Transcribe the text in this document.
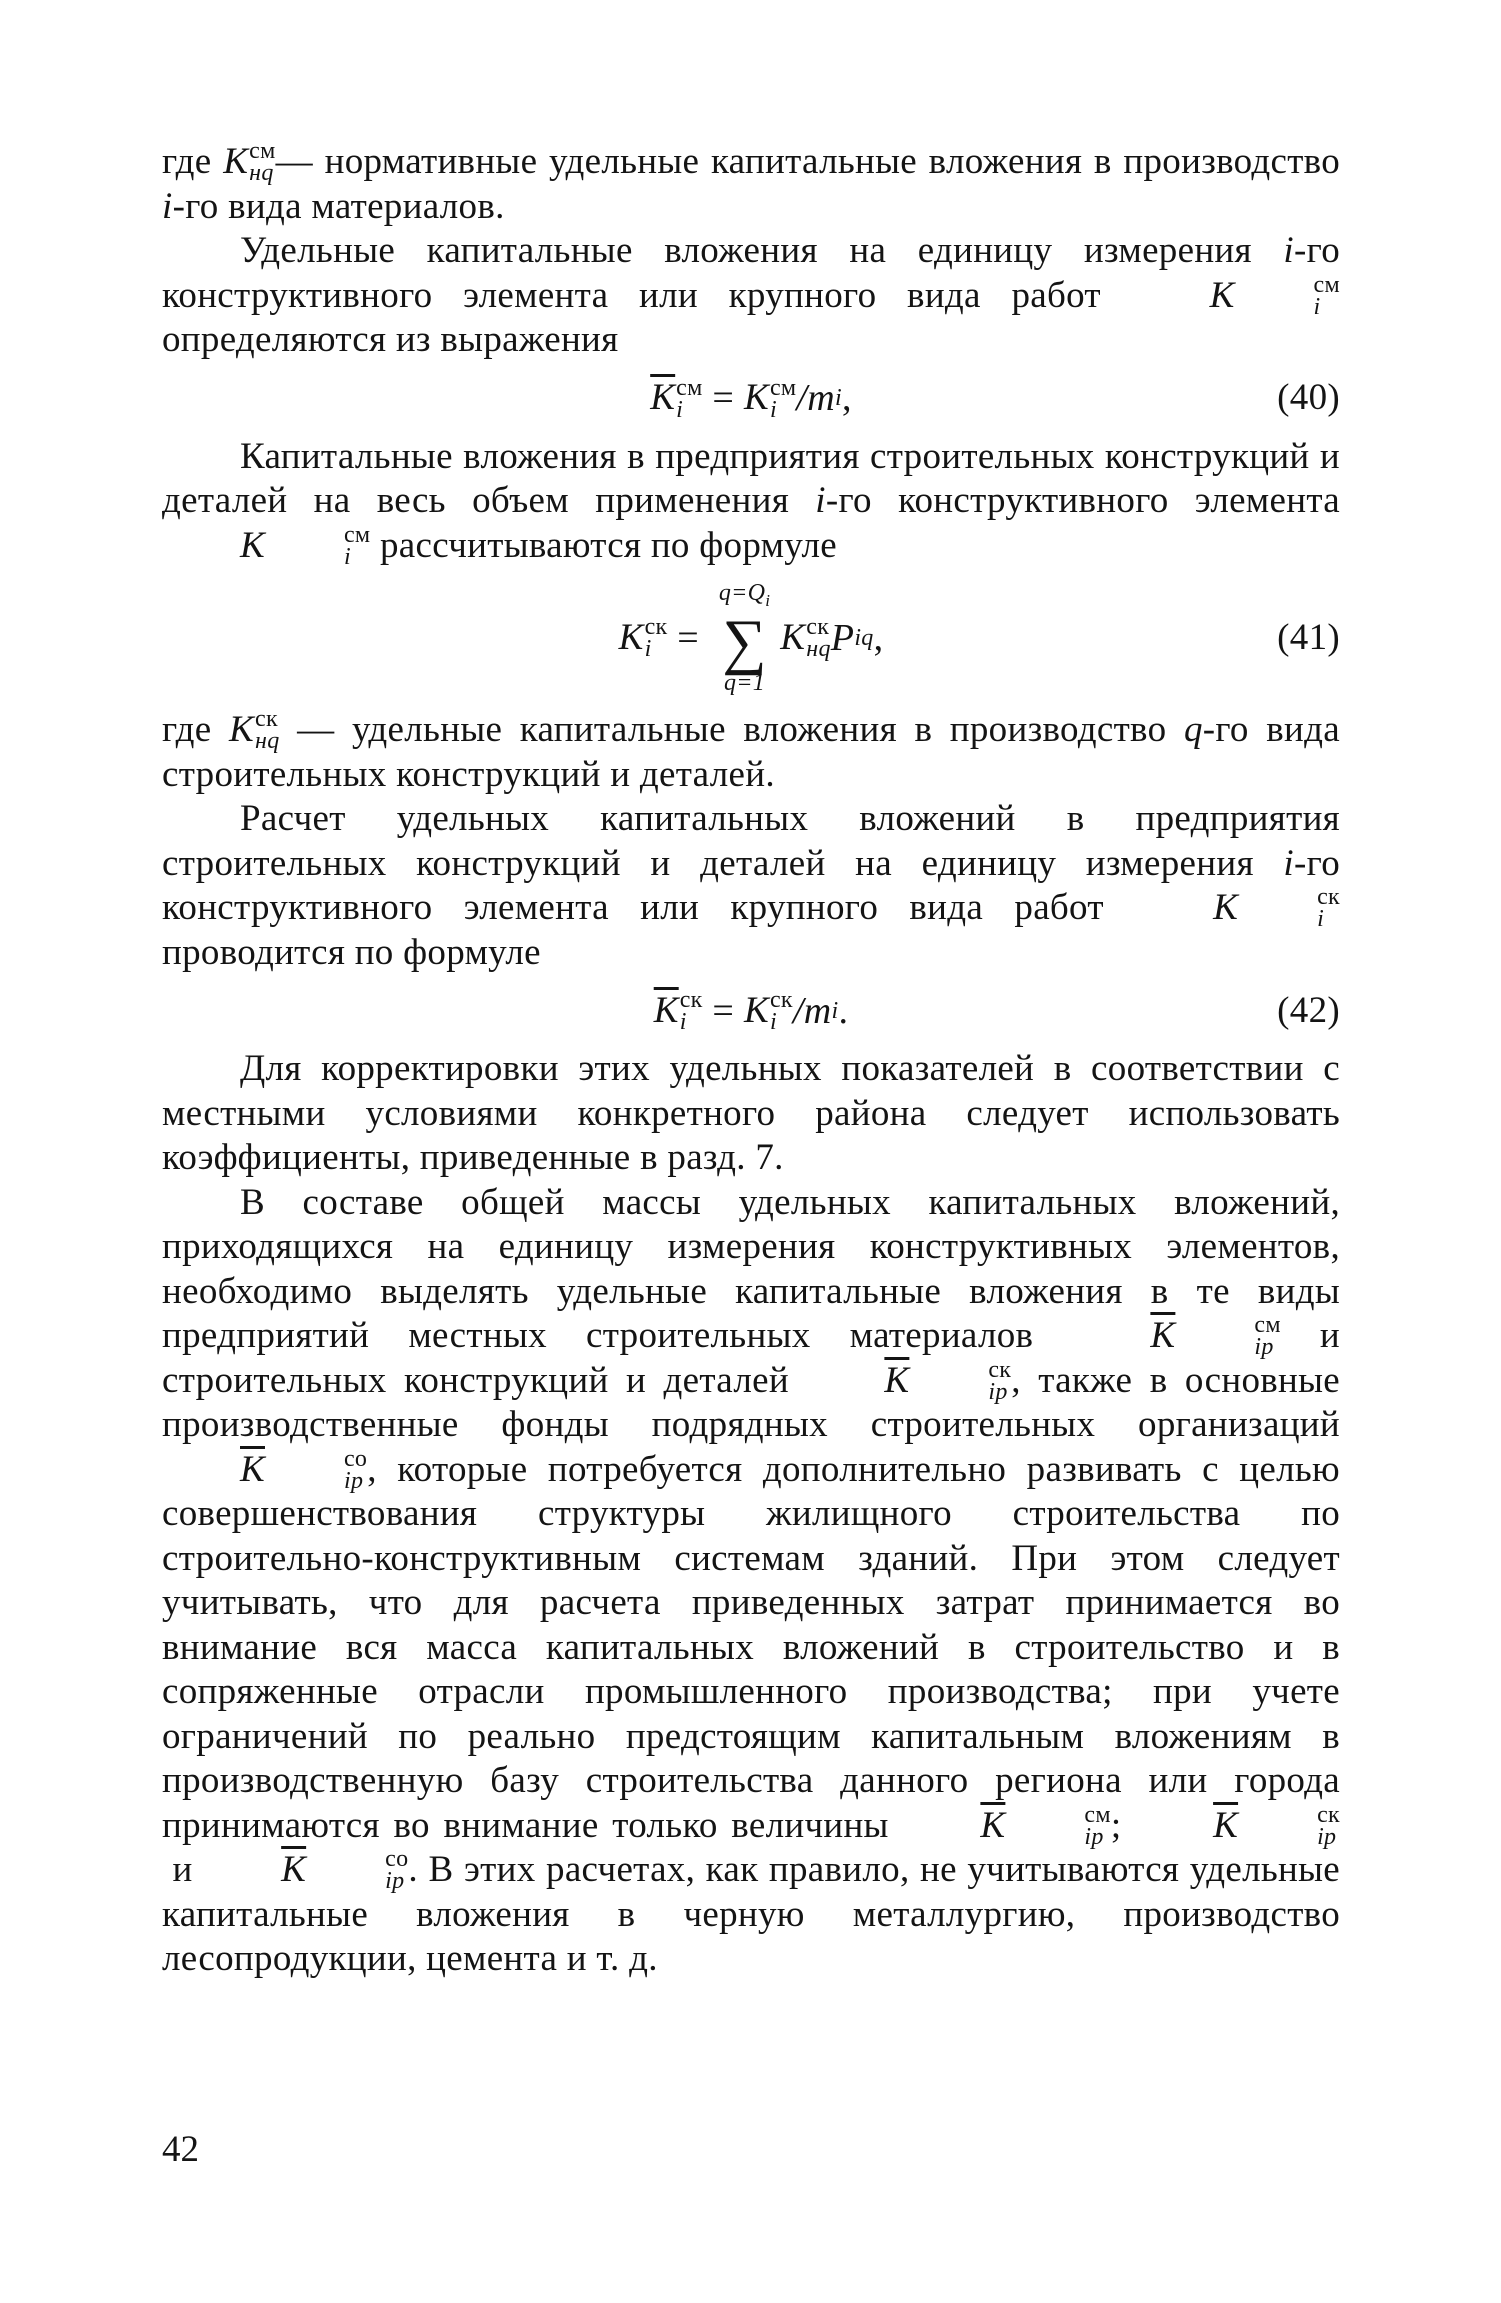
где K см
нq — нормативные удельные капитальные вложения в производство i-го вида материалов.

Удельные капитальные вложения на единицу измерения i-го конструктивного элемента или крупного вида работ	K	см
i
определяются из выражения

$\overline{K}$ см
i = K см
i /m i ,	(40)

Капитальные вложения в предприятия строительных конструкций и деталей на весь объем применения i-го конструктивного элемента
K	см
i рассчитываются по формуле

K ск
i =
$q=Q_i$
∑
q=1
K ск
нq P iq ,	(41)

где K ск
нq — удельные капитальные вложения в производство q-го вида строительных конструкций и деталей.

Расчет удельных капитальных вложений в предприятия строительных конструкций и деталей на единицу измерения i-го конструктивного элемента или крупного вида работ	K	ск
i
проводится по формуле

$\overline{K}$ ск
i = K ск
i /m i .	(42)

Для корректировки этих удельных показателей в соответствии с местными условиями конкретного района следует использовать коэффициенты, приведенные в разд. 7.

В составе общей массы удельных капитальных вложений, приходящихся на единицу измерения конструктивных элементов, необходимо выделять удельные капитальные вложения в те виды предприятий местных строительных материалов	$\overline{K}$	см
ip и строительных конструкций и деталей	$\overline{K}$	ск
ip , также в основные производственные фонды подрядных строительных организаций
$\overline{K}$	со
ip , которые потребуется дополнительно развивать с целью совершенствования структуры жилищного строительства по строительно-конструктивным системам зданий. При этом следует учитывать, что для расчета приведенных затрат принимается во внимание вся масса капитальных вложений в строительство и в сопряженные отрасли промышленного производства; при учете ограничений по реально предстоящим капитальным вложениям в производственную базу строительства данного региона или города принимаются во внимание только величины	$\overline{K}$	см
ip ;	$\overline{K}$	ск
ip
и	$\overline{K}$	со
ip . В этих расчетах, как правило, не учитываются удельные капитальные вложения в черную металлургию, производство лесопродукции, цемента и т. д.

42
